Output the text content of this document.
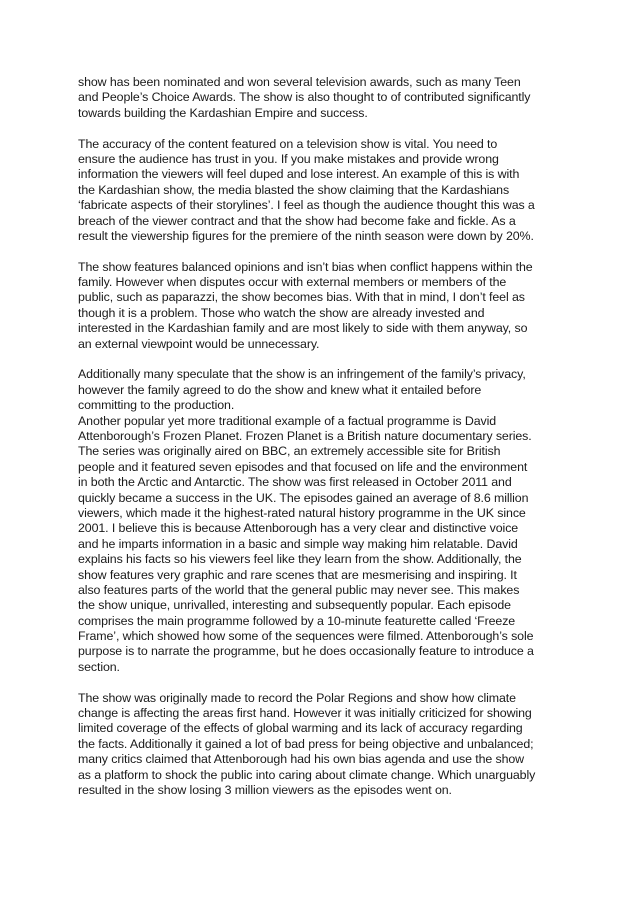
show has been nominated and won several television awards, such as many Teen
and People’s Choice Awards. The show is also thought to of contributed significantly
towards building the Kardashian Empire and success.
The accuracy of the content featured on a television show is vital. You need to
ensure the audience has trust in you. If you make mistakes and provide wrong
information the viewers will feel duped and lose interest. An example of this is with
the Kardashian show, the media blasted the show claiming that the Kardashians
‘fabricate aspects of their storylines’. I feel as though the audience thought this was a
breach of the viewer contract and that the show had become fake and fickle. As a
result the viewership figures for the premiere of the ninth season were down by 20%.
The show features balanced opinions and isn’t bias when conflict happens within the
family. However when disputes occur with external members or members of the
public, such as paparazzi, the show becomes bias. With that in mind, I don’t feel as
though it is a problem. Those who watch the show are already invested and
interested in the Kardashian family and are most likely to side with them anyway, so
an external viewpoint would be unnecessary.
Additionally many speculate that the show is an infringement of the family’s privacy,
however the family agreed to do the show and knew what it entailed before
committing to the production.
Another popular yet more traditional example of a factual programme is David
Attenborough’s Frozen Planet. Frozen Planet is a British nature documentary series.
The series was originally aired on BBC, an extremely accessible site for British
people and it featured seven episodes and that focused on life and the environment
in both the Arctic and Antarctic. The show was first released in October 2011 and
quickly became a success in the UK. The episodes gained an average of 8.6 million
viewers, which made it the highest-rated natural history programme in the UK since
2001. I believe this is because Attenborough has a very clear and distinctive voice
and he imparts information in a basic and simple way making him relatable. David
explains his facts so his viewers feel like they learn from the show. Additionally, the
show features very graphic and rare scenes that are mesmerising and inspiring. It
also features parts of the world that the general public may never see. This makes
the show unique, unrivalled, interesting and subsequently popular. Each episode
comprises the main programme followed by a 10-minute featurette called ‘Freeze
Frame’, which showed how some of the sequences were filmed. Attenborough’s sole
purpose is to narrate the programme, but he does occasionally feature to introduce a
section.
The show was originally made to record the Polar Regions and show how climate
change is affecting the areas first hand. However it was initially criticized for showing
limited coverage of the effects of global warming and its lack of accuracy regarding
the facts. Additionally it gained a lot of bad press for being objective and unbalanced;
many critics claimed that Attenborough had his own bias agenda and use the show
as a platform to shock the public into caring about climate change. Which unarguably
resulted in the show losing 3 million viewers as the episodes went on.
